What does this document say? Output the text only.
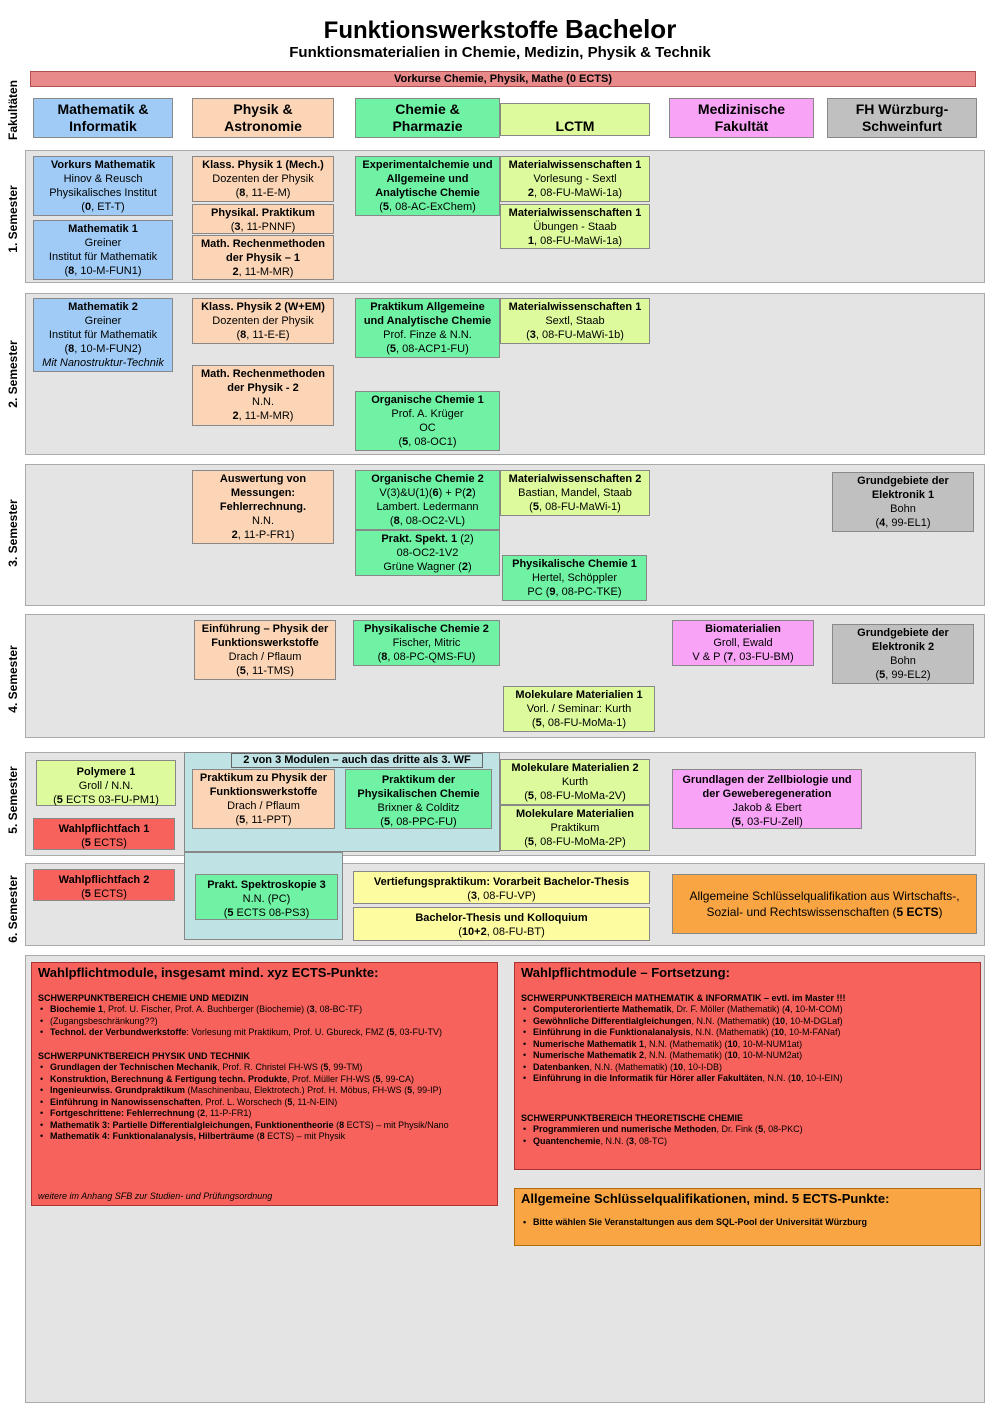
Funktionswerkstoffe Bachelor
Funktionsmaterialien in Chemie, Medizin, Physik & Technik
Vorkurse Chemie, Physik, Mathe (0 ECTS)
Fakultäten
1. Semester
2. Semester
3. Semester
4. Semester
5. Semester
6. Semester
Mathematik &
Informatik
Physik &
Astronomie
Chemie &
Pharmazie	LCTM
Medizinische
Fakultät
FH Würzburg-
Schweinfurt
2 von 3 Modulen – auch das dritte als 3. WF
Vorkurs Mathematik
Hinov & Reusch
Physikalisches Institut
(0, ET-T)
Mathematik 1
Greiner
Institut für Mathematik
(8, 10-M-FUN1)
Klass. Physik 1 (Mech.)
Dozenten der Physik
(8, 11-E-M)
Physikal. Praktikum
(3, 11-PNNF)
Math. Rechenmethoden
der Physik – 1
2, 11-M-MR)
Experimentalchemie und
Allgemeine und
Analytische Chemie
(5, 08-AC-ExChem)
Materialwissenschaften 1
Vorlesung - Sextl
2, 08-FU-MaWi-1a)
Materialwissenschaften 1
Übungen - Staab
1, 08-FU-MaWi-1a)
Mathematik 2
Greiner
Institut für Mathematik
(8, 10-M-FUN2)
Mit Nanostruktur-Technik
Klass. Physik 2 (W+EM)
Dozenten der Physik
(8, 11-E-E)
Math. Rechenmethoden
der Physik - 2
N.N.
2, 11-M-MR)
Praktikum Allgemeine
und Analytische Chemie
Prof. Finze & N.N.
(5, 08-ACP1-FU)
Materialwissenschaften 1
Sextl, Staab
(3, 08-FU-MaWi-1b)
Organische Chemie 1
Prof. A. Krüger
OC
(5, 08-OC1)
Auswertung von
Messungen:
Fehlerrechnung.
N.N.
2, 11-P-FR1)
Organische Chemie 2
V(3)&U(1)(6) + P(2)
Lambert. Ledermann
(8, 08-OC2-VL)
Prakt. Spekt. 1 (2)
08-OC2-1V2
Grüne Wagner (2)
Materialwissenschaften 2
Bastian, Mandel, Staab
(5, 08-FU-MaWi-1)
Physikalische Chemie 1
Hertel, Schöppler
PC (9, 08-PC-TKE)
Grundgebiete der
Elektronik 1
Bohn
(4, 99-EL1)
Einführung – Physik der
Funktionswerkstoffe
Drach / Pflaum
(5, 11-TMS)
Physikalische Chemie 2
Fischer, Mitric
(8, 08-PC-QMS-FU)
Molekulare Materialien 1
Vorl. / Seminar: Kurth
(5, 08-FU-MoMa-1)
Biomaterialien
Groll, Ewald
V & P (7, 03-FU-BM)
Grundgebiete der
Elektronik 2
Bohn
(5, 99-EL2)
Polymere 1
Groll / N.N.
(5 ECTS 03-FU-PM1)
Wahlpflichtfach 1
(5 ECTS)
Praktikum zu Physik der
Funktionswerkstoffe
Drach / Pflaum
(5, 11-PPT)
Praktikum der
Physikalischen Chemie
Brixner & Colditz
(5, 08-PPC-FU)
Molekulare Materialien 2
Kurth
(5, 08-FU-MoMa-2V)
Molekulare Materialien
Praktikum
(5, 08-FU-MoMa-2P)
Grundlagen der Zellbiologie und
der Geweberegeneration
Jakob & Ebert
(5, 03-FU-Zell)
Wahlpflichtfach 2
(5 ECTS)
Prakt. Spektroskopie 3
N.N. (PC)
(5 ECTS 08-PS3)
Vertiefungspraktikum: Vorarbeit Bachelor-Thesis
(3, 08-FU-VP)
Bachelor-Thesis und Kolloquium
(10+2, 08-FU-BT)
Allgemeine Schlüsselqualifikation aus Wirtschafts-,
Sozial- und Rechtswissenschaften (5 ECTS)
Wahlpflichtmodule, insgesamt mind. xyz ECTS-Punkte:
SCHWERPUNKTBEREICH CHEMIE UND MEDIZIN
• Biochemie 1, Prof. U. Fischer, Prof. A. Buchberger (Biochemie) (3, 08-BC-TF)
• (Zugangsbeschränkung??)
• Technol. der Verbundwerkstoffe: Vorlesung mit Praktikum, Prof. U. Gbureck, FMZ (5, 03-FU-TV)
SCHWERPUNKTBEREICH PHYSIK UND TECHNIK
• Grundlagen der Technischen Mechanik, Prof. R. Christel FH-WS (5, 99-TM)
• Konstruktion, Berechnung & Fertigung techn. Produkte, Prof. Müller FH-WS (5, 99-CA)
• Ingenieurwiss. Grundpraktikum (Maschinenbau, Elektrotech.) Prof. H. Möbus, FH-WS (5, 99-IP)
• Einführung in Nanowissenschaften, Prof. L. Worschech (5, 11-N-EIN)
• Fortgeschrittene: Fehlerrechnung (2, 11-P-FR1)
• Mathematik 3: Partielle Differentialgleichungen, Funktionentheorie (8 ECTS) – mit Physik/Nano
• Mathematik 4: Funktionalanalysis, Hilberträume (8 ECTS) – mit Physik
weitere im Anhang SFB zur Studien- und Prüfungsordnung
Wahlpflichtmodule – Fortsetzung:
SCHWERPUNKTBEREICH MATHEMATIK & INFORMATIK – evtl. im Master !!!
• Computerorientierte Mathematik, Dr. F. Möller (Mathematik) (4, 10-M-COM)
• Gewöhnliche Differentialgleichungen, N.N. (Mathematik) (10, 10-M-DGLaf)
• Einführung in die Funktionalanalysis, N.N. (Mathematik) (10, 10-M-FANaf)
• Numerische Mathematik 1, N.N. (Mathematik) (10, 10-M-NUM1at)
• Numerische Mathematik 2, N.N. (Mathematik) (10, 10-M-NUM2at)
• Datenbanken, N.N. (Mathematik) (10, 10-I-DB)
• Einführung in die Informatik für Hörer aller Fakultäten, N.N. (10, 10-I-EIN)
SCHWERPUNKTBEREICH THEORETISCHE CHEMIE
• Programmieren und numerische Methoden, Dr. Fink (5, 08-PKC)
• Quantenchemie, N.N. (3, 08-TC)
Allgemeine Schlüsselqualifikationen, mind. 5 ECTS-Punkte:
• Bitte wählen Sie Veranstaltungen aus dem SQL-Pool der Universität Würzburg
